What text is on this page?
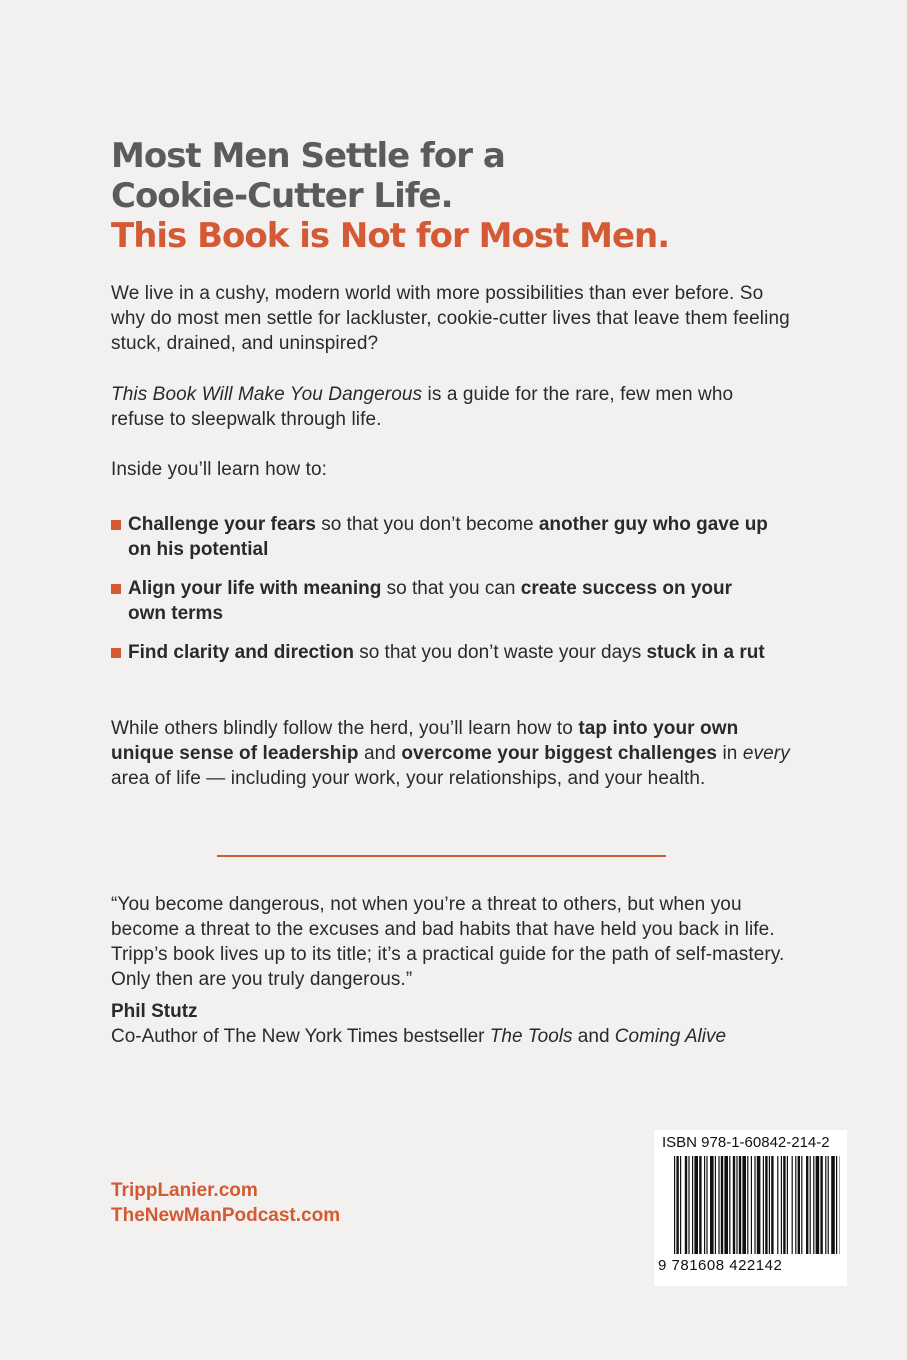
Most Men Settle for a
Cookie-Cutter Life.
This Book is Not for Most Men.

We live in a cushy, modern world with more possibilities than ever before. So why do most men settle for lackluster, cookie-cutter lives that leave them feeling stuck, drained, and uninspired?

This Book Will Make You Dangerous is a guide for the rare, few men who refuse to sleepwalk through life.

Inside you’ll learn how to:

Challenge your fears so that you don’t become another guy who gave up on his potential
Align your life with meaning so that you can create success on your own terms
Find clarity and direction so that you don’t waste your days stuck in a rut

While others blindly follow the herd, you’ll learn how to tap into your own unique sense of leadership and overcome your biggest challenges in every area of life — including your work, your relationships, and your health.

“You become dangerous, not when you’re a threat to others, but when you become a threat to the excuses and bad habits that have held you back in life. Tripp’s book lives up to its title; it’s a practical guide for the path of self-mastery. Only then are you truly dangerous.”

Phil Stutz
Co-Author of The New York Times bestseller The Tools and Coming Alive
TrippLanier.com
TheNewManPodcast.com
ISBN 978-1-60842-214-2
9 781608 422142
